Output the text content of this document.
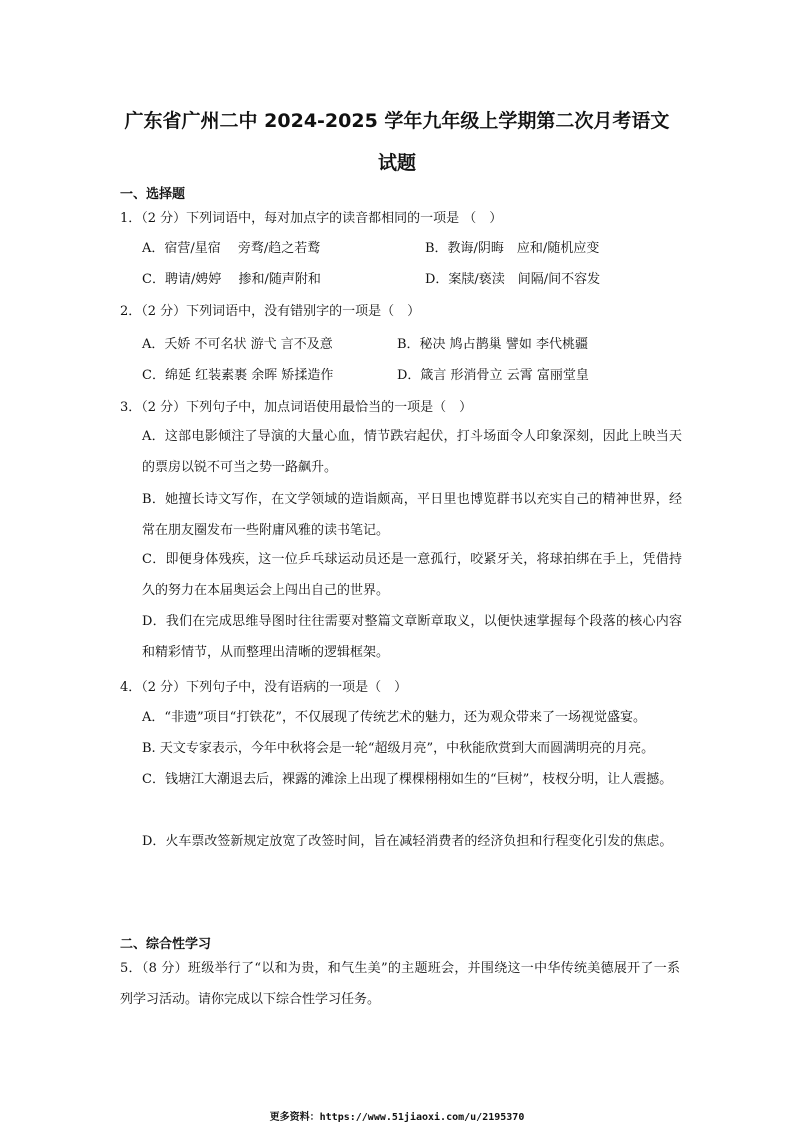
广东省广州二中 2024-2025 学年九年级上学期第二次月考语文
试题
一、选择题
1．（2 分）下列词语中，每对加点字的读音都相同的一项是 （　）
A．宿营/星宿　 旁骛/趋之若鹜	B．教诲/阴晦　应和/随机应变
C．聘请/娉婷　 掺和/随声附和	D．案牍/亵渎　间隔/间不容发
2．（2 分）下列词语中，没有错别字的一项是（　）
A．夭娇 不可名状 游弋 言不及意	B．秘决 鸠占鹊巢 譬如 李代桃疆
C．绵延 红装素裹 余晖 矫揉造作	D．箴言 形消骨立 云霄 富丽堂皇
3．（2 分）下列句子中，加点词语使用最恰当的一项是（　）
A．这部电影倾注了导演的大量心血，情节跌宕起伏，打斗场面令人印象深刻，因此上映当天的票房以锐不可当之势一路飙升。
B．她擅长诗文写作，在文学领域的造诣颇高，平日里也博览群书以充实自己的精神世界，经常在朋友圈发布一些附庸风雅的读书笔记。
C．即便身体残疾，这一位乒乓球运动员还是一意孤行，咬紧牙关，将球拍绑在手上，凭借持久的努力在本届奥运会上闯出自己的世界。
D．我们在完成思维导图时往往需要对整篇文章断章取义，以便快速掌握每个段落的核心内容和精彩情节，从而整理出清晰的逻辑框架。
4．（2 分）下列句子中，没有语病的一项是（　）
A．“非遗”项目“打铁花”，不仅展现了传统艺术的魅力，还为观众带来了一场视觉盛宴。
B. 天文专家表示，今年中秋将会是一轮“超级月亮”，中秋能欣赏到大而圆满明亮的月亮。
C．钱塘江大潮退去后，裸露的滩涂上出现了棵棵栩栩如生的“巨树”，枝杈分明，让人震撼。
D．火车票改签新规定放宽了改签时间，旨在减轻消费者的经济负担和行程变化引发的焦虑。
二、综合性学习
5．（8 分）班级举行了“以和为贵，和气生美”的主题班会，并围绕这一中华传统美德展开了一系列学习活动。请你完成以下综合性学习任务。
更多资料：https://www.51jiaoxi.com/u/2195370
